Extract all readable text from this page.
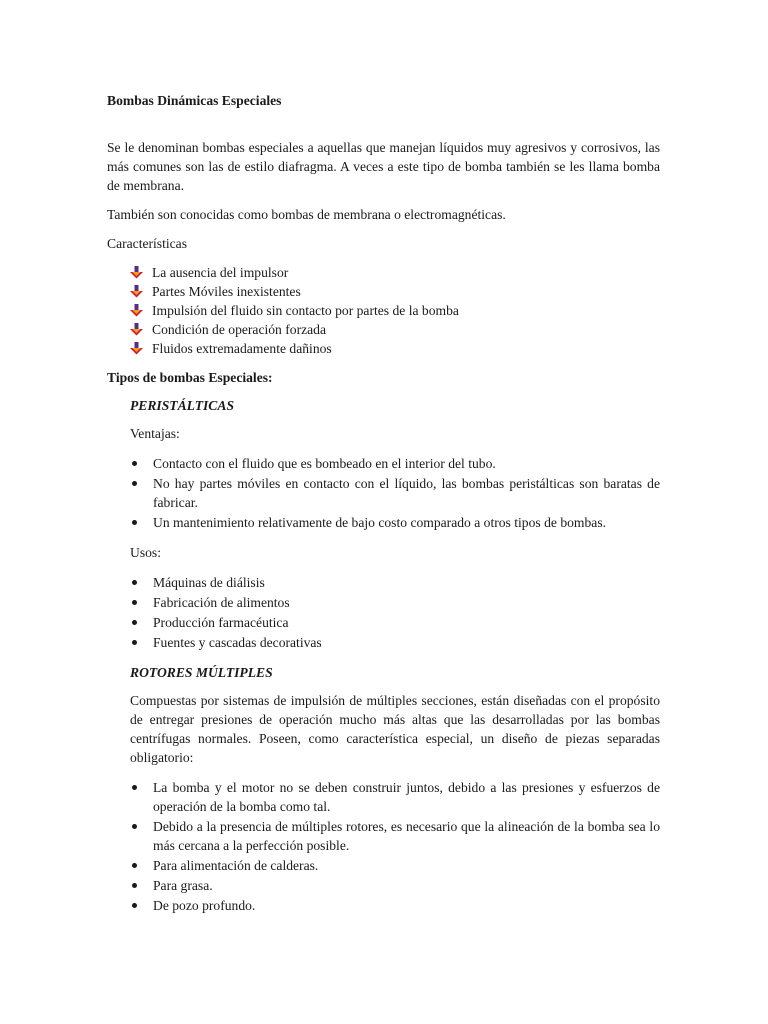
Bombas Dinámicas Especiales

Se le denominan bombas especiales a aquellas que manejan líquidos muy agresivos y corrosivos, las más comunes son las de estilo diafragma. A veces a este tipo de bomba también se les llama bomba de membrana.

También son conocidas como bombas de membrana o electromagnéticas.

Características

La ausencia del impulsor
Partes Móviles inexistentes
Impulsión del fluido sin contacto por partes de la bomba
Condición de operación forzada
Fluidos extremadamente dañinos

Tipos de bombas Especiales:

PERISTÁLTICAS

Ventajas:

Contacto con el fluido que es bombeado en el interior del tubo.
No hay partes móviles en contacto con el líquido, las bombas peristálticas son baratas de fabricar.
Un mantenimiento relativamente de bajo costo comparado a otros tipos de bombas.

Usos:

Máquinas de diálisis
Fabricación de alimentos
Producción farmacéutica
Fuentes y cascadas decorativas

ROTORES MÚLTIPLES

Compuestas por sistemas de impulsión de múltiples secciones, están diseñadas con el propósito de entregar presiones de operación mucho más altas que las desarrolladas por las bombas centrífugas normales. Poseen, como característica especial, un diseño de piezas separadas obligatorio:

La bomba y el motor no se deben construir juntos, debido a las presiones y esfuerzos de operación de la bomba como tal.
Debido a la presencia de múltiples rotores, es necesario que la alineación de la bomba sea lo más cercana a la perfección posible.
Para alimentación de calderas.
Para grasa.
De pozo profundo.
